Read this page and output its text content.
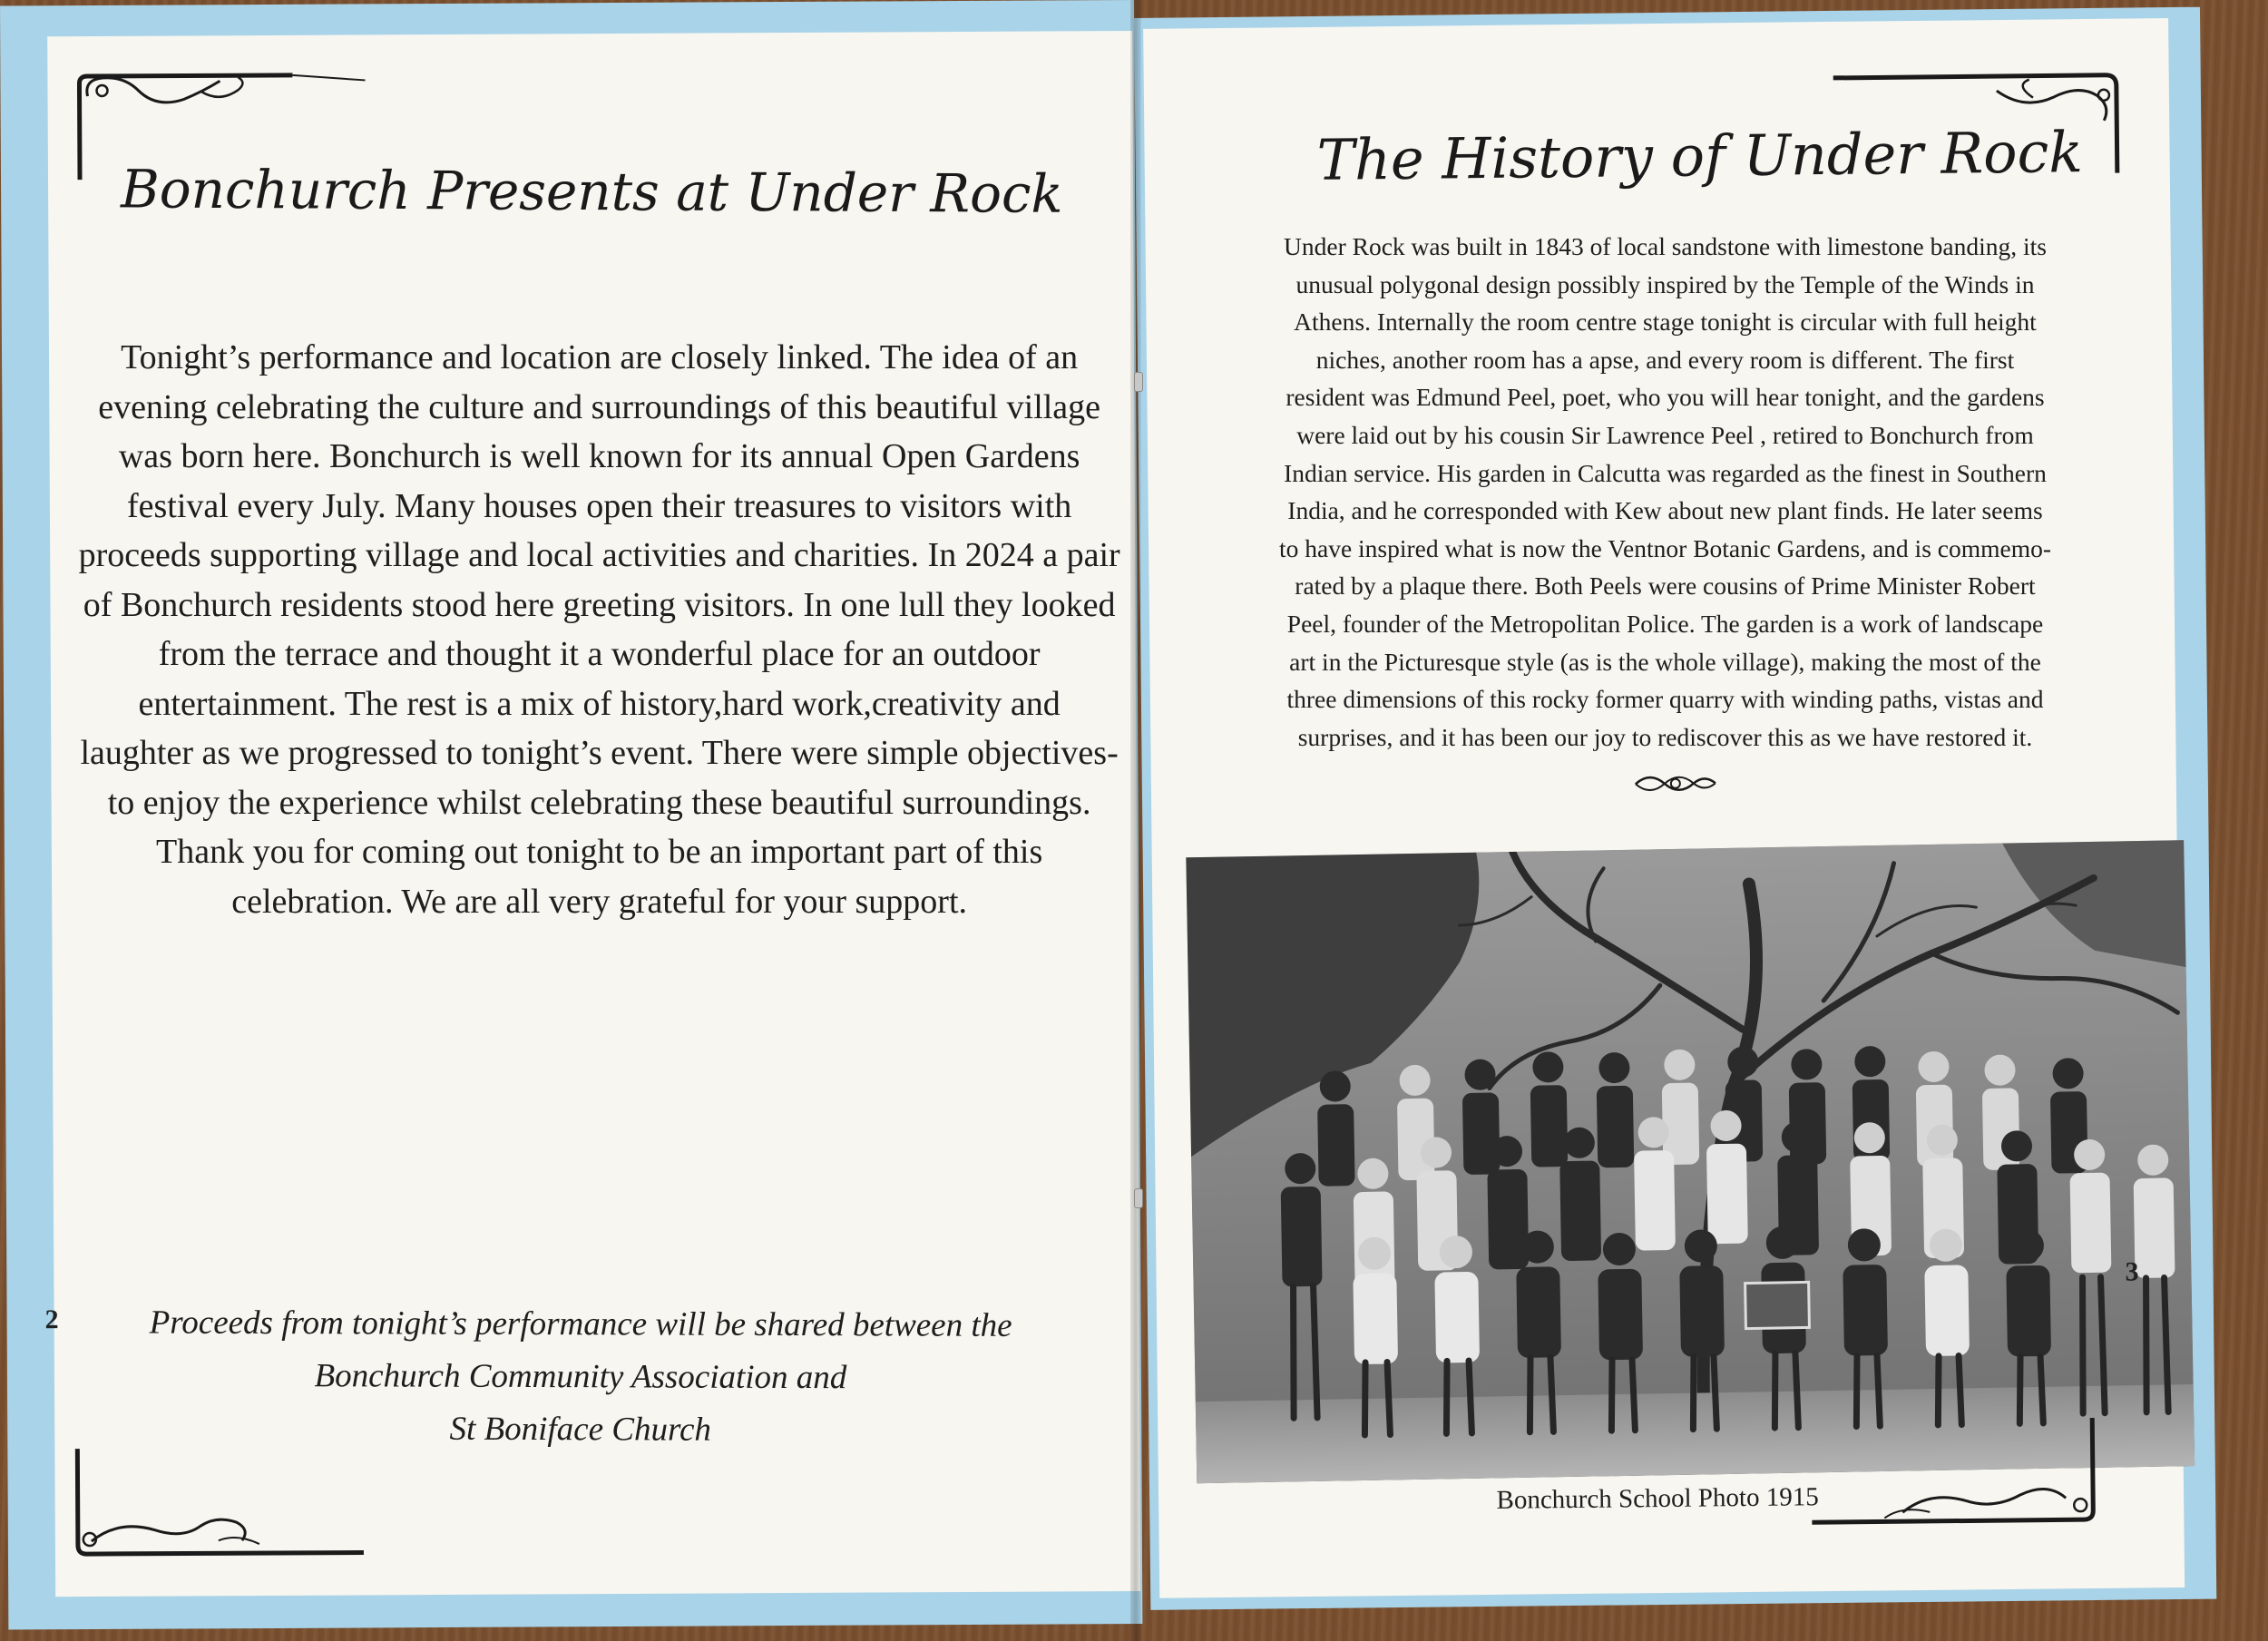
Bonchurch Presents at Under Rock

Tonight’s performance and location are closely linked. The idea of an evening celebrating the culture and surroundings of this beautiful village was born here. Bonchurch is well known for its annual Open Gardens festival every July. Many houses open their treasures to visitors with proceeds supporting village and local activities and charities. In 2024 a pair of Bonchurch residents stood here greeting visitors. In one lull they looked from the terrace and thought it a wonderful place for an outdoor entertainment. The rest is a mix of history,hard work,creativity and laughter as we progressed to tonight’s event. There were simple objectives-to enjoy the experience whilst celebrating these beautiful surroundings.

Thank you for coming out tonight to be an important part of this celebration. We are all very grateful for your support.

Proceeds from tonight’s performance will be shared between the
Bonchurch Community Association and
St Boniface Church
2
The History of Under Rock
Under Rock was built in 1843 of local sandstone with limestone banding, its
unusual polygonal design possibly inspired by the Temple of the Winds in
Athens. Internally the room centre stage tonight is circular with full height
niches, another room has a apse, and every room is different. The first
resident was Edmund Peel, poet, who you will hear tonight, and the gardens
were laid out by his cousin Sir Lawrence Peel , retired to Bonchurch from
Indian service. His garden in Calcutta was regarded as the finest in Southern
India, and he corresponded with Kew about new plant finds. He later seems
to have inspired what is now the Ventnor Botanic Gardens, and is commemo-
rated by a plaque there. Both Peels were cousins of Prime Minister Robert
Peel, founder of the Metropolitan Police. The garden is a work of landscape
art in the Picturesque style (as is the whole village), making the most of the
three dimensions of this rocky former quarry with winding paths, vistas and
surprises, and it has been our joy to rediscover this as we have restored it.
Bonchurch School Photo 1915
3
